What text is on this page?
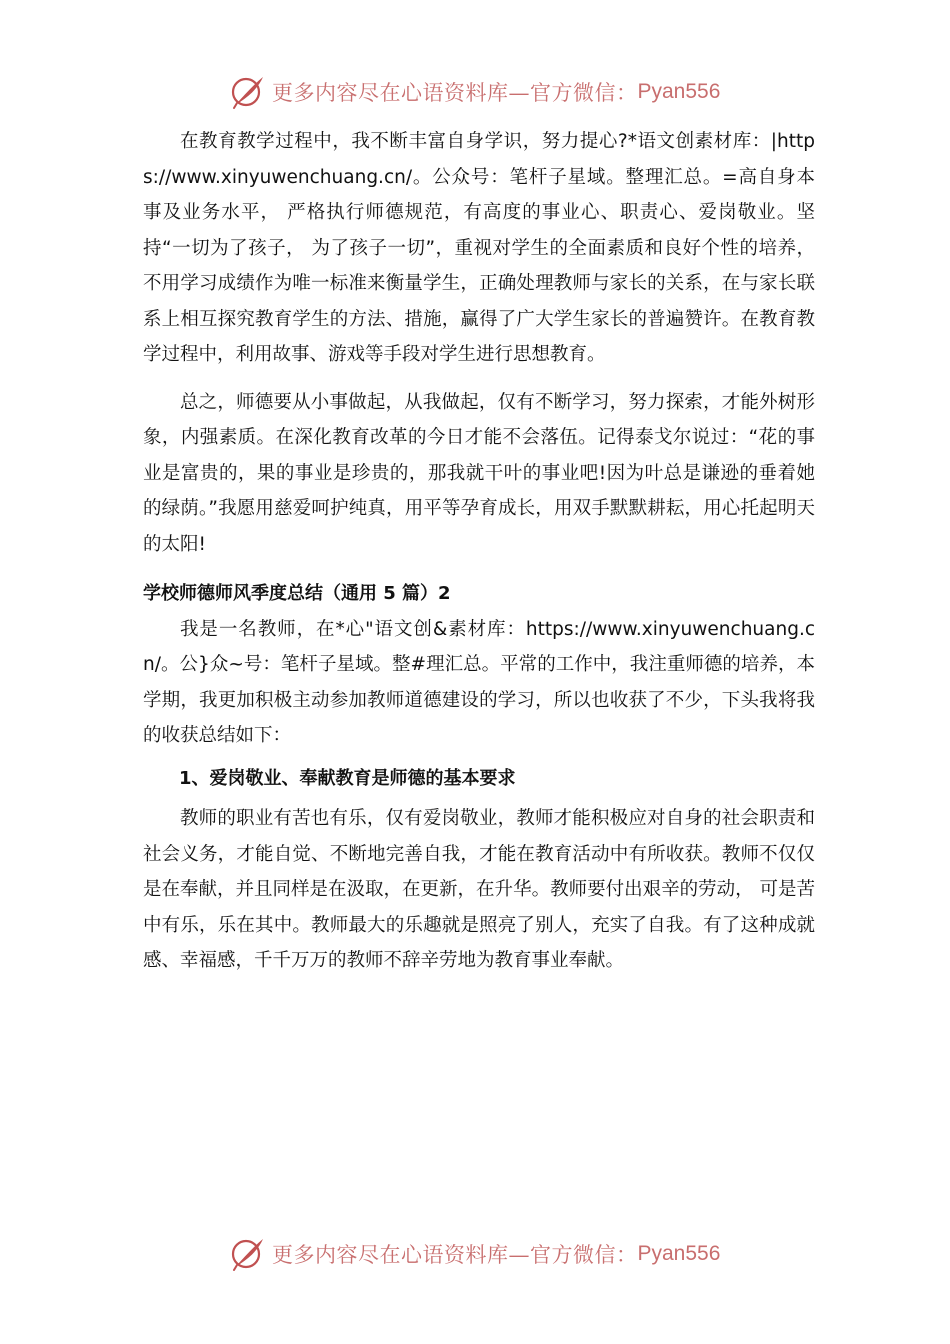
更多内容尽在心语资料库—官方微信： Pyan556

在教育教学过程中，我不断丰富自身学识，努力提心?*语文创素材库：|https://www.xinyuwenchuang.cn/。公众号：笔杆子星域。整理汇总。=高自身本事及业务水平， 严格执行师德规范，有高度的事业心、职责心、爱岗敬业。坚持“一切为了孩子， 为了孩子一切”，重视对学生的全面素质和良好个性的培养，不用学习成绩作为唯一标准来衡量学生，正确处理教师与家长的关系，在与家长联系上相互探究教育学生的方法、措施，赢得了广大学生家长的普遍赞许。在教育教学过程中，利用故事、游戏等手段对学生进行思想教育。

总之，师德要从小事做起，从我做起，仅有不断学习，努力探索，才能外树形象，内强素质。在深化教育改革的今日才能不会落伍。记得泰戈尔说过：“花的事业是富贵的，果的事业是珍贵的，那我就干叶的事业吧!因为叶总是谦逊的垂着她的绿荫。”我愿用慈爱呵护纯真，用平等孕育成长，用双手默默耕耘，用心托起明天的太阳!

学校师德师风季度总结（通用 5 篇）2

我是一名教师，在*心"语文创&素材库：https://www.xinyuwenchuang.cn/。公}众~号：笔杆子星域。整#理汇总。平常的工作中，我注重师德的培养，本学期，我更加积极主动参加教师道德建设的学习，所以也收获了不少，下头我将我的收获总结如下：

1、爱岗敬业、奉献教育是师德的基本要求

教师的职业有苦也有乐，仅有爱岗敬业，教师才能积极应对自身的社会职责和社会义务，才能自觉、不断地完善自我，才能在教育活动中有所收获。教师不仅仅是在奉献，并且同样是在汲取，在更新，在升华。教师要付出艰辛的劳动， 可是苦中有乐，乐在其中。教师最大的乐趣就是照亮了别人，充实了自我。有了这种成就感、幸福感，千千万万的教师不辞辛劳地为教育事业奉献。

更多内容尽在心语资料库—官方微信： Pyan556
